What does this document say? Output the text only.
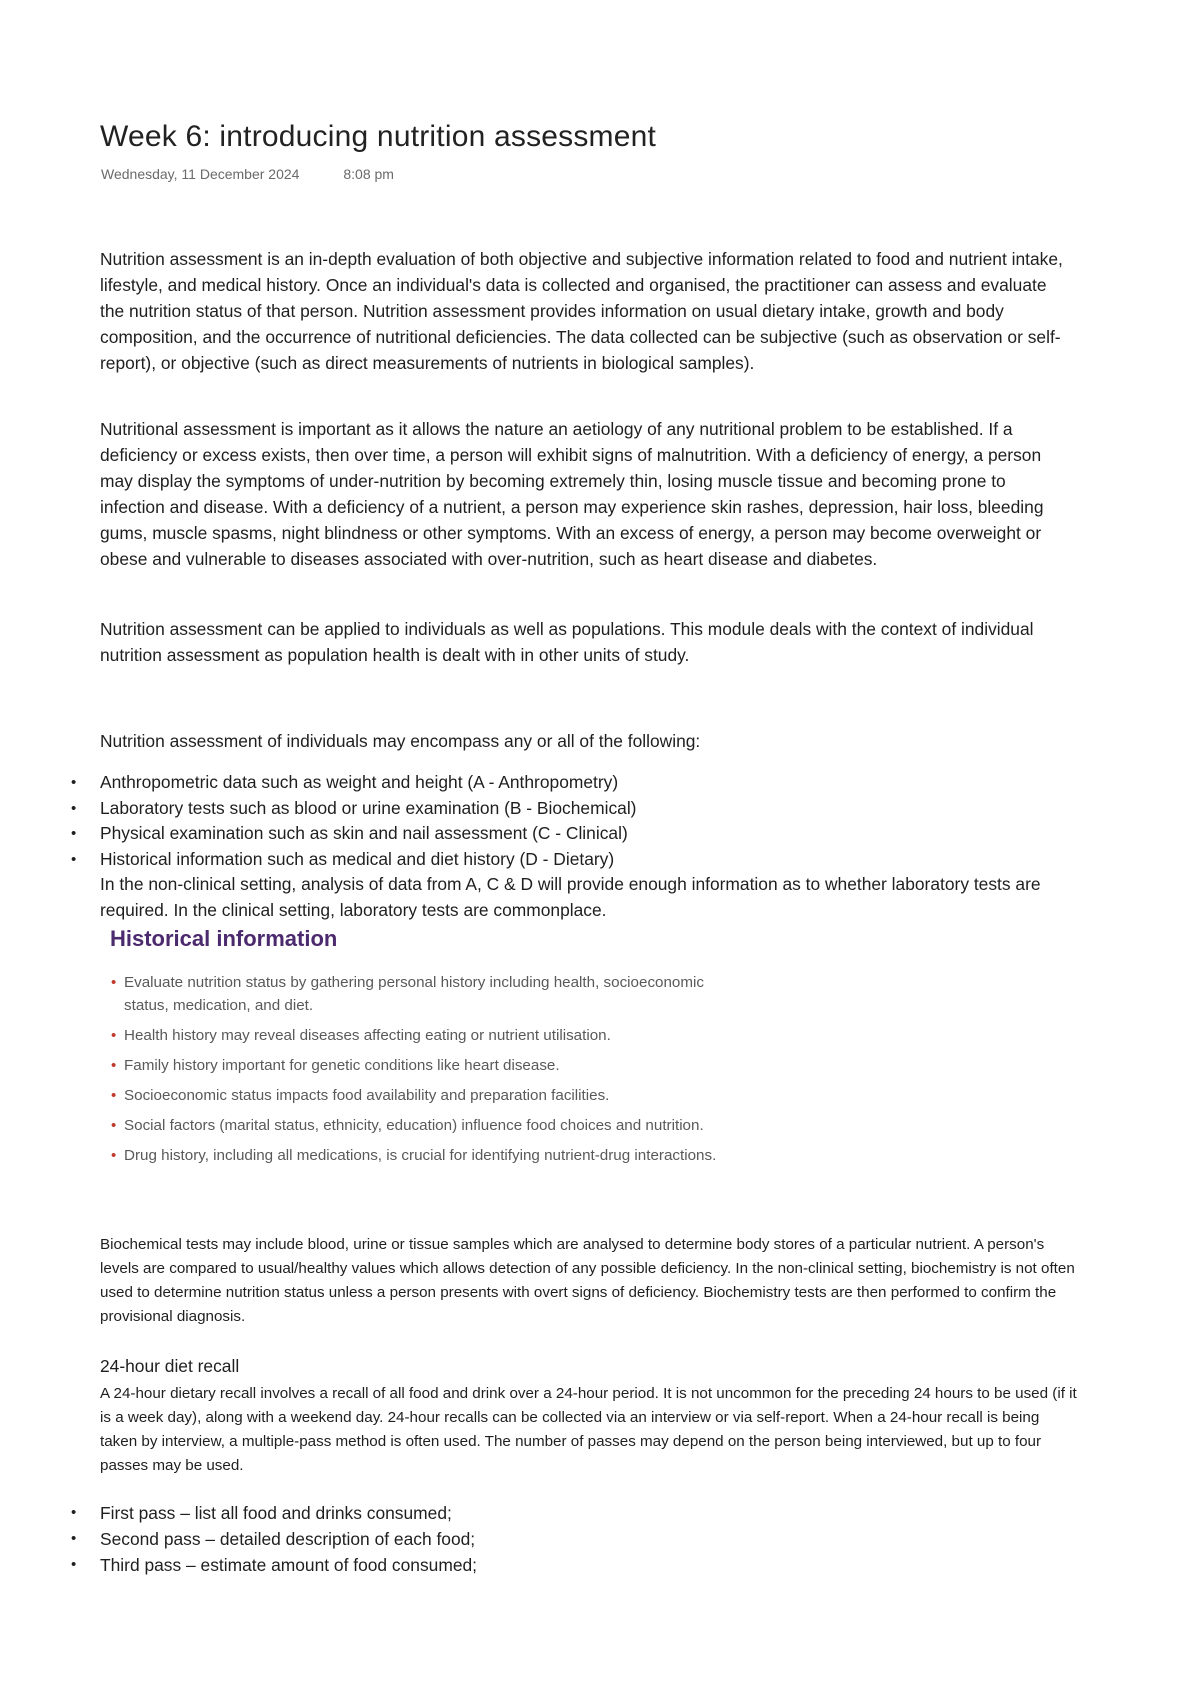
Week 6: introducing nutrition assessment
Wednesday, 11 December 2024	8:08 pm

Nutrition assessment is an in-depth evaluation of both objective and subjective information related to food and nutrient intake, lifestyle, and medical history. Once an individual's data is collected and organised, the practitioner can assess and evaluate the nutrition status of that person. Nutrition assessment provides information on usual dietary intake, growth and body composition, and the occurrence of nutritional deficiencies. The data collected can be subjective (such as observation or self-report), or objective (such as direct measurements of nutrients in biological samples).

Nutritional assessment is important as it allows the nature an aetiology of any nutritional problem to be established. If a deficiency or excess exists, then over time, a person will exhibit signs of malnutrition. With a deficiency of energy, a person may display the symptoms of under-nutrition by becoming extremely thin, losing muscle tissue and becoming prone to infection and disease. With a deficiency of a nutrient, a person may experience skin rashes, depression, hair loss, bleeding gums, muscle spasms, night blindness or other symptoms. With an excess of energy, a person may become overweight or obese and vulnerable to diseases associated with over-nutrition, such as heart disease and diabetes.

Nutrition assessment can be applied to individuals as well as populations. This module deals with the context of individual nutrition assessment as population health is dealt with in other units of study.

Nutrition assessment of individuals may encompass any or all of the following:

• Anthropometric data such as weight and height (A - Anthropometry)
• Laboratory tests such as blood or urine examination (B - Biochemical)
• Physical examination such as skin and nail assessment (C - Clinical)
• Historical information such as medical and diet history (D - Dietary)

In the non-clinical setting, analysis of data from A, C & D will provide enough information as to whether laboratory tests are required. In the clinical setting, laboratory tests are commonplace.

Historical information
• Evaluate nutrition status by gathering personal history including health, socioeconomic status, medication, and diet.
• Health history may reveal diseases affecting eating or nutrient utilisation.
• Family history important for genetic conditions like heart disease.
• Socioeconomic status impacts food availability and preparation facilities.
• Social factors (marital status, ethnicity, education) influence food choices and nutrition.
• Drug history, including all medications, is crucial for identifying nutrient-drug interactions.

Biochemical tests may include blood, urine or tissue samples which are analysed to determine body stores of a particular nutrient. A person's levels are compared to usual/healthy values which allows detection of any possible deficiency. In the non-clinical setting, biochemistry is not often used to determine nutrition status unless a person presents with overt signs of deficiency. Biochemistry tests are then performed to confirm the provisional diagnosis.

24-hour diet recall

A 24-hour dietary recall involves a recall of all food and drink over a 24-hour period. It is not uncommon for the preceding 24 hours to be used (if it is a week day), along with a weekend day. 24-hour recalls can be collected via an interview or via self-report. When a 24-hour recall is being taken by interview, a multiple-pass method is often used. The number of passes may depend on the person being interviewed, but up to four passes may be used.

• First pass – list all food and drinks consumed;
• Second pass – detailed description of each food;
• Third pass – estimate amount of food consumed;
